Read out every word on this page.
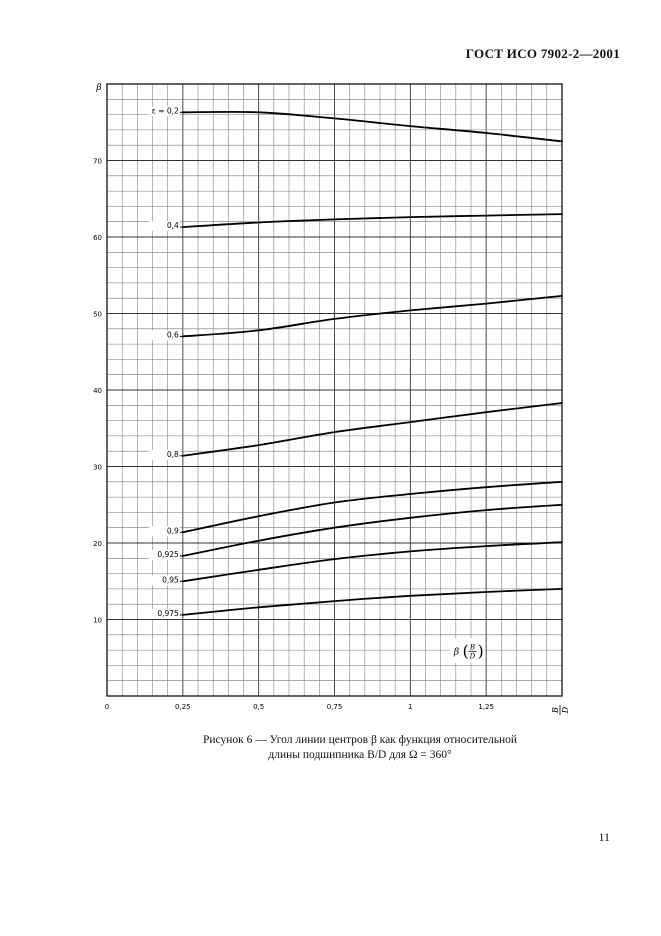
ГОСТ ИСО 7902-2—2001
ε = 0,2
0,4
0,6
0,8
0,9
0,925
0,95
0,975
0	0,25	0,5	0,75	1	1,25
10
20
30
40
50
60
70
β
B D
β ( B
D )
Рисунок 6 — Угол линии центров β как функция относительной
длины подшипника B/D для Ω = 360°
11
